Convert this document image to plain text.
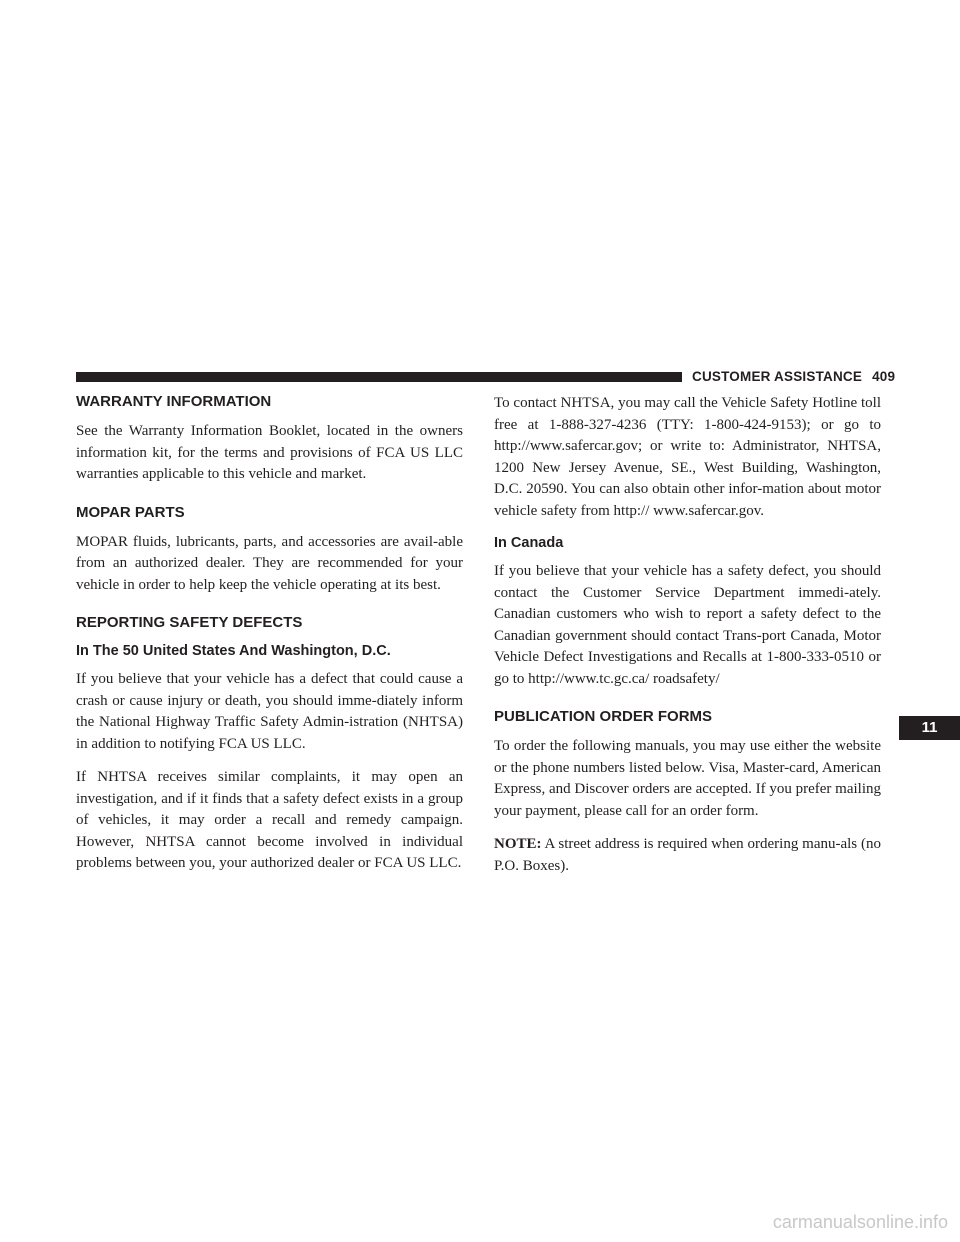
CUSTOMER ASSISTANCE 409
WARRANTY INFORMATION

See the Warranty Information Booklet, located in the owners information kit, for the terms and provisions of FCA US LLC warranties applicable to this vehicle and market.

MOPAR PARTS

MOPAR fluids, lubricants, parts, and accessories are avail-able from an authorized dealer. They are recommended for your vehicle in order to help keep the vehicle operating at its best.

REPORTING SAFETY DEFECTS
In The 50 United States And Washington, D.C.

If you believe that your vehicle has a defect that could cause a crash or cause injury or death, you should imme-diately inform the National Highway Traffic Safety Admin-istration (NHTSA) in addition to notifying FCA US LLC.

If NHTSA receives similar complaints, it may open an investigation, and if it finds that a safety defect exists in a group of vehicles, it may order a recall and remedy campaign. However, NHTSA cannot become involved in individual problems between you, your authorized dealer or FCA US LLC.

To contact NHTSA, you may call the Vehicle Safety Hotline toll free at 1-888-327-4236 (TTY: 1-800-424-9153); or go to http://www.safercar.gov; or write to: Administrator, NHTSA, 1200 New Jersey Avenue, SE., West Building, Washington, D.C. 20590. You can also obtain other infor-mation about motor vehicle safety from http:// www.safercar.gov.

In Canada

If you believe that your vehicle has a safety defect, you should contact the Customer Service Department immedi-ately. Canadian customers who wish to report a safety defect to the Canadian government should contact Trans-port Canada, Motor Vehicle Defect Investigations and Recalls at 1-800-333-0510 or go to http://www.tc.gc.ca/ roadsafety/

PUBLICATION ORDER FORMS

To order the following manuals, you may use either the website or the phone numbers listed below. Visa, Master-card, American Express, and Discover orders are accepted. If you prefer mailing your payment, please call for an order form.

NOTE: A street address is required when ordering manu-als (no P.O. Boxes).

11
carmanualsonline.info
